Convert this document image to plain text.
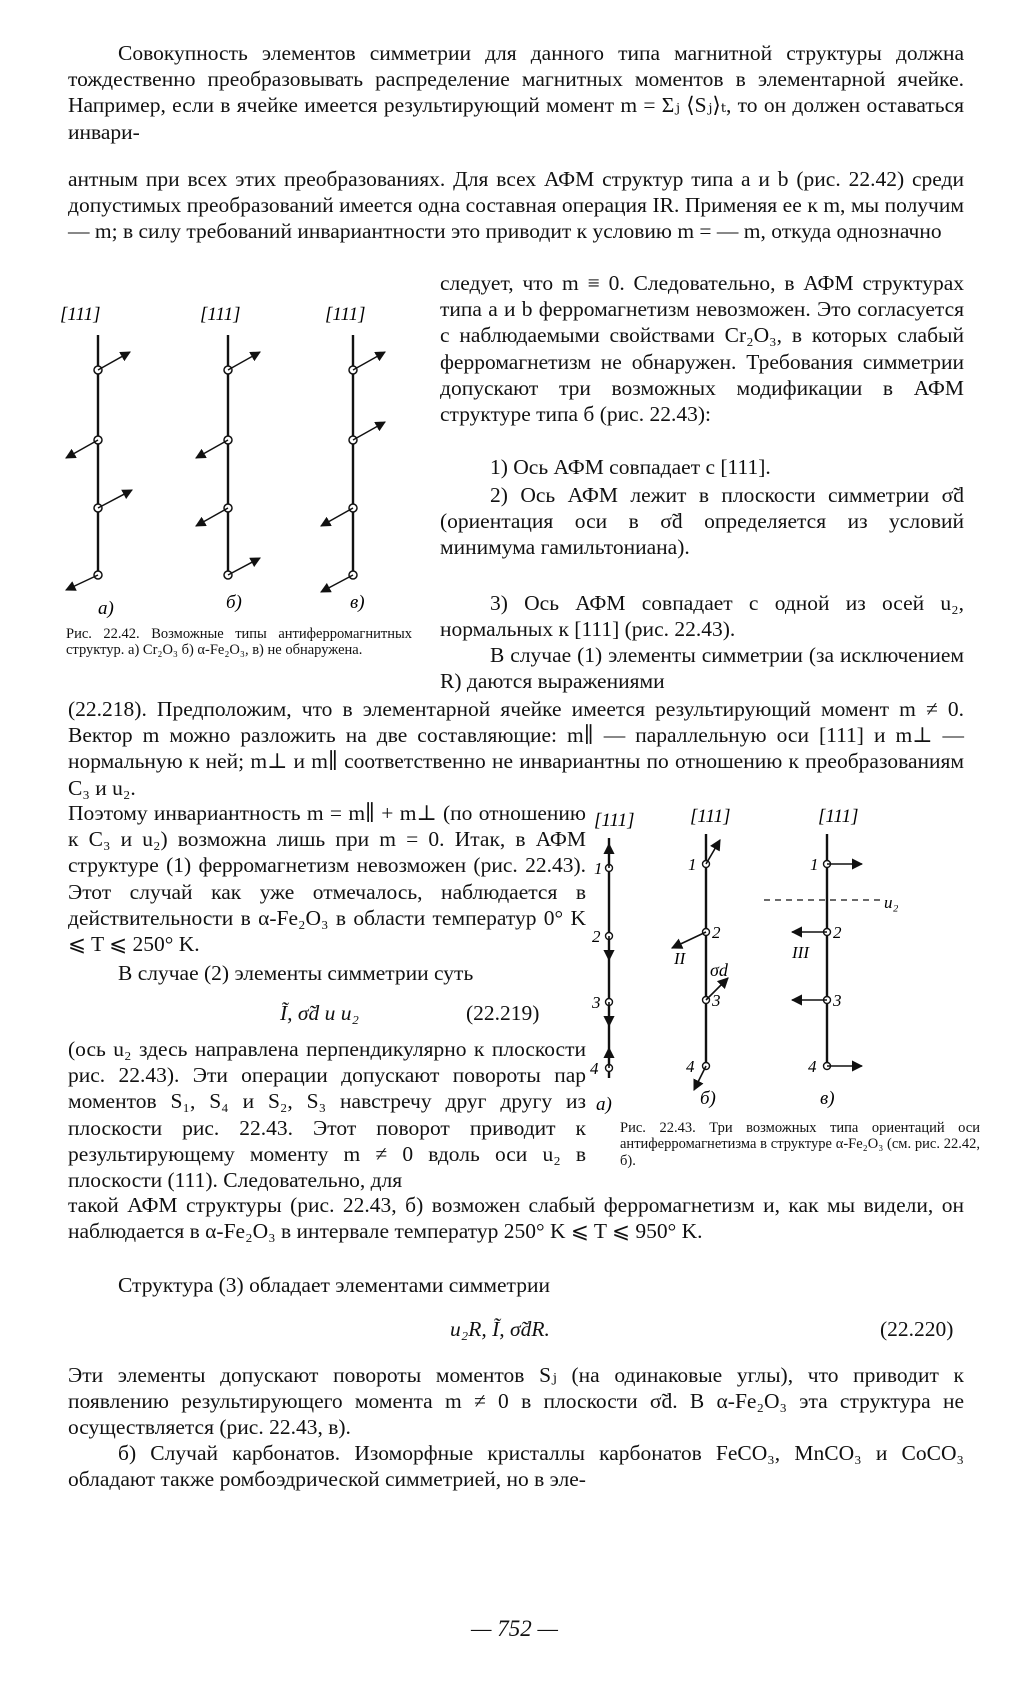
Совокупность элементов симметрии для данного типа магнитной структуры должна тождественно преобразовывать распределение магнитных моментов в элементарной ячейке. Например, если в ячейке имеется результирующий момент m = Σⱼ ⟨Sⱼ⟩ₜ, то он должен оставаться инвари-

антным при всех этих преобразованиях. Для всех АФМ структур типа a и b (рис. 22.42) среди допустимых преобразований имеется одна составная операция IR. Применяя ее к m, мы получим — m; в силу требований инвариантности это приводит к условию m = — m, откуда однозначно

следует, что m ≡ 0. Следовательно, в АФМ структурах типа a и b ферромагнетизм невозможен. Это согласуется с наблюдаемыми свойствами Cr₂O₃, в которых слабый ферромагнетизм не обнаружен. Требования симметрии допускают три возможных модификации в АФМ структуре типа б (рис. 22.43):

1) Ось АФМ совпадает с [111].

2) Ось АФМ лежит в плоскости симметрии σ̃d (ориентация оси в σ̃d определяется из условий минимума гамильтониана).

3) Ось АФМ совпадает с одной из осей u₂, нормальных к [111] (рис. 22.43).

В случае (1) элементы симметрии (за исключением R) даются выражениями

(22.218). Предположим, что в элементарной ячейке имеется результирующий момент m ≠ 0. Вектор m можно разложить на две составляющие: m∥ — параллельную оси [111] и m⊥ — нормальную к ней; m⊥ и m∥ соответственно не инвариантны по отношению к преобразованиям C₃ и u₂.

Поэтому инвариантность m = m∥ + m⊥ (по отношению к C₃ и u₂) возможна лишь при m = 0. Итак, в АФМ структуре (1) ферромагнетизм невозможен (рис. 22.43). Этот случай как уже отмечалось, наблюдается в действительности в α-Fe₂O₃ в области температур 0° K ⩽ T ⩽ 250° K.

В случае (2) элементы симметрии суть

Ĩ, σ̃d и u₂	(22.219)

(ось u₂ здесь направлена перпендикулярно к плоскости рис. 22.43). Эти операции допускают повороты пар моментов S₁, S₄ и S₂, S₃ навстречу друг другу из плоскости рис. 22.43. Этот поворот приводит к результирующему моменту m ≠ 0 вдоль оси u₂ в плоскости (111). Следовательно, для

такой АФМ структуры (рис. 22.43, б) возможен слабый ферромагнетизм и, как мы видели, он наблюдается в α-Fe₂O₃ в интервале температур 250° K ⩽ T ⩽ 950° K.

Структура (3) обладает элементами симметрии

u₂R, Ĩ, σ̃dR.	(22.220)

Эти элементы допускают повороты моментов Sⱼ (на одинаковые углы), что приводит к появлению результирующего момента m ≠ 0 в плоскости σ̃d. В α-Fe₂O₃ эта структура не осуществляется (рис. 22.43, в).

б) Случай карбонатов. Изоморфные кристаллы карбонатов FeCO₃, MnCO₃ и CoCO₃ обладают также ромбоэдрической симметрией, но в эле-

[111]	[111]	[111]
а)	б)	в)

Рис. 22.42. Возможные типы антиферромагнитных структур. а) Cr₂O₃ б) α-Fe₂O₃, в) не обнаружена.

[111]	[111]	[111]
1
2
3
4
1
2
3
4
II
σd
1
2
3
4
III
u₂
а)	б)	в)

Рис. 22.43. Три возможных типа ориентаций оси антиферромагнетизма в структуре α-Fe₂O₃ (см. рис. 22.42, б).

— 752 —
